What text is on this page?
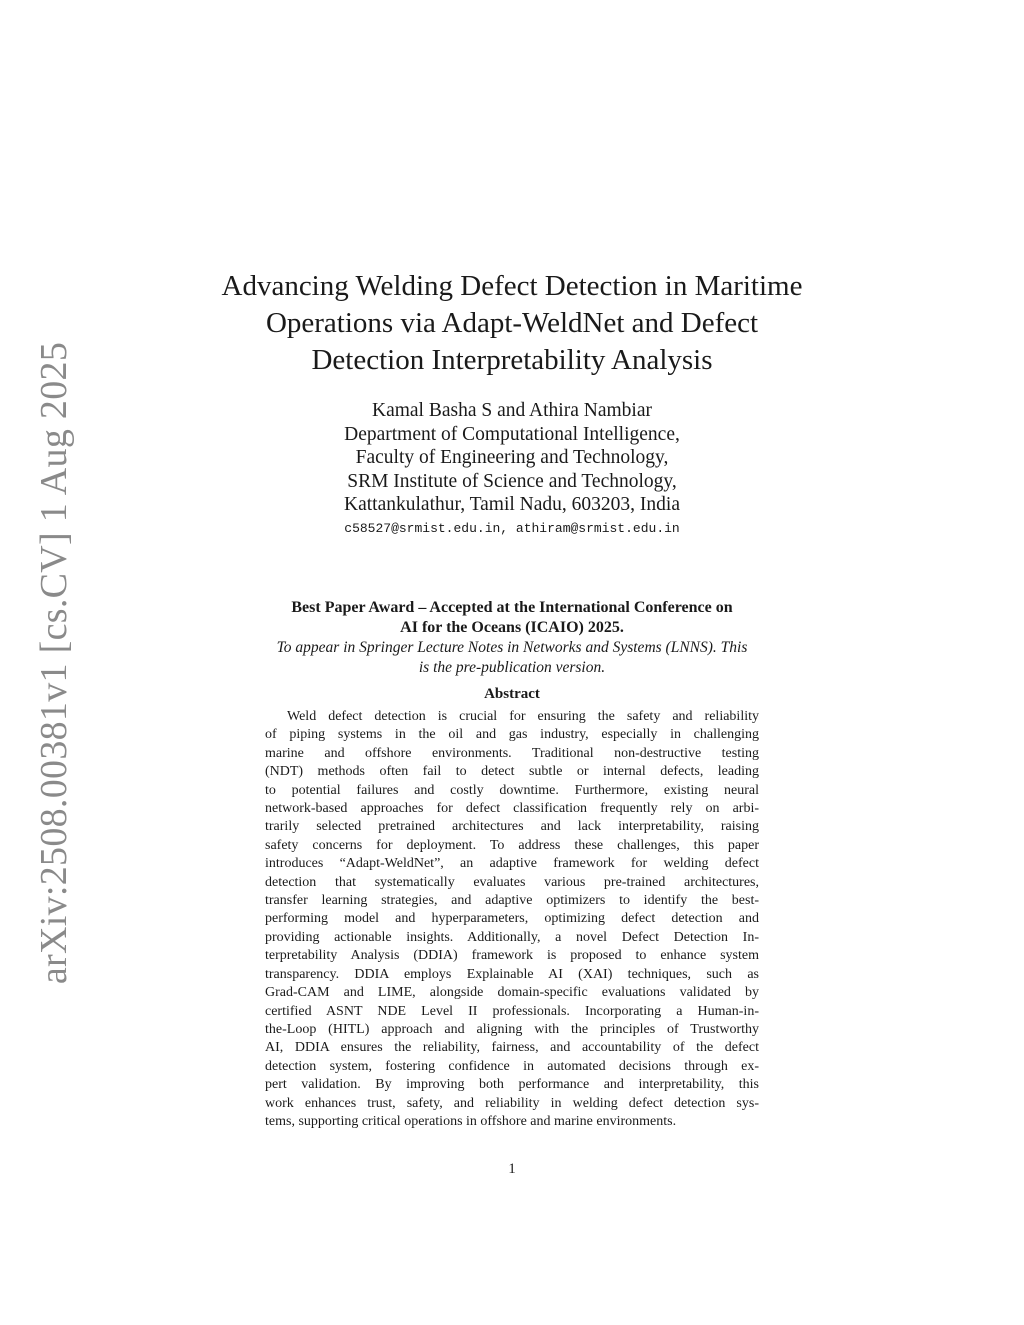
arXiv:2508.00381v1 [cs.CV] 1 Aug 2025
Advancing Welding Defect Detection in Maritime
Operations via Adapt-WeldNet and Defect
Detection Interpretability Analysis
Kamal Basha S and Athira Nambiar
Department of Computational Intelligence,
Faculty of Engineering and Technology,
SRM Institute of Science and Technology,
Kattankulathur, Tamil Nadu, 603203, India
c58527@srmist.edu.in, athiram@srmist.edu.in
Best Paper Award – Accepted at the International Conference on
AI for the Oceans (ICAIO) 2025.
To appear in Springer Lecture Notes in Networks and Systems (LNNS). This
is the pre-publication version.
Abstract
Weld defect detection is crucial for ensuring the safety and reliability
of piping systems in the oil and gas industry, especially in challenging
marine and offshore environments. Traditional non-destructive testing
(NDT) methods often fail to detect subtle or internal defects, leading
to potential failures and costly downtime. Furthermore, existing neural
network-based approaches for defect classification frequently rely on arbi-
trarily selected pretrained architectures and lack interpretability, raising
safety concerns for deployment. To address these challenges, this paper
introduces “Adapt-WeldNet”, an adaptive framework for welding defect
detection that systematically evaluates various pre-trained architectures,
transfer learning strategies, and adaptive optimizers to identify the best-
performing model and hyperparameters, optimizing defect detection and
providing actionable insights. Additionally, a novel Defect Detection In-
terpretability Analysis (DDIA) framework is proposed to enhance system
transparency. DDIA employs Explainable AI (XAI) techniques, such as
Grad-CAM and LIME, alongside domain-specific evaluations validated by
certified ASNT NDE Level II professionals. Incorporating a Human-in-
the-Loop (HITL) approach and aligning with the principles of Trustworthy
AI, DDIA ensures the reliability, fairness, and accountability of the defect
detection system, fostering confidence in automated decisions through ex-
pert validation. By improving both performance and interpretability, this
work enhances trust, safety, and reliability in welding defect detection sys-
tems, supporting critical operations in offshore and marine environments.
1
